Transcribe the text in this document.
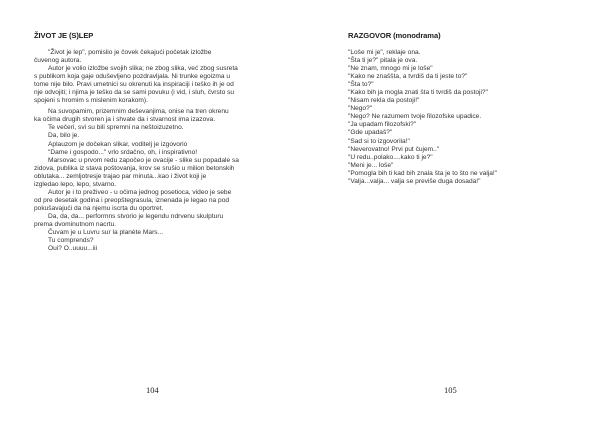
ŽIVOT JE (S)LEP
"Život je lep", pomislio je čovek čekajući početak izložbe
čuvenog autora.
Autor je volio izložbe svojih slika; ne zbog slika, već zbog susreta
s publikom koja gaje oduševljeno pozdravljala. Ni trunke egoizma u
tome nije bilo. Pravi umetnici su okrenuti ka inspiraciji i teško ih je od
nje odvojiti; i njima je teško da se sami povuku (i vid, i sluh, čvrsto su
spojeni s hromim s mislenim korakom).
Na suvopamim, prizemnim deševanjima, onise na tren okrenu
ka očima drugih stvoren ja i shvate da i stvarnost ima izazova.
Te večeri, svi su bili spremni na neštoizuzetno.
Da, bilo je.
Aplauzom je dočekan slikar, voditelj je izgovorio
"Dame i gospodo..." vrlo srdačno, oh, i inspirativno!
Marsovac u prvom redu započeo je ovacije - slike su popadale sa
zidova, publika iz stava poštovanja, krov se srušio u milion betonskih
oblutaka... zemljotresje trajao par minuta...kao i život koji je
izgledao lepo, lepo, stvarno.
Autor je i to preživeo - u očima jednog posetioca, video je sebe
od pre desetak godina i preopštegrasula, iznenada je legao na pod
pokušavajući da na njemu iscrta du oportret.
Da, da, da... performns stvorio je legendu ndrvenu skulpturu
prema dvominutnom nacrtu.
Čuvam je u Luvru sur la planète Mars...
Tu comprends?
Oui? O..uuuu...iii
104
RAZGOVOR (monodrama)
"Loše mi je", reklaje ona.
"Šta ti je?" pitala je ova.
"Ne znam, mnogo mi je loše"
"Kako ne znaššta, a tvrdiš da ti jeste to?"
"Šta to?"
"Kako bih ja mogla znati šta ti tvrdiš da postoji?"
"Nisam rekla da postoji!"
"Nego?"
"Nego? Ne razumem tvoje filozofske upadice.
"Ja upadam filozofski?"
"Gde upadaš?"
"Sad si to izgovorila!"
"Neverovatno! Prvi put čujem.."
"U redu..polako....kako ti je?"
"Meni je... loše"
"Pomogla bih ti kad bih znala šta je to što ne valja!"
"Valja...valja... valja se previše duga dosada!"
105
